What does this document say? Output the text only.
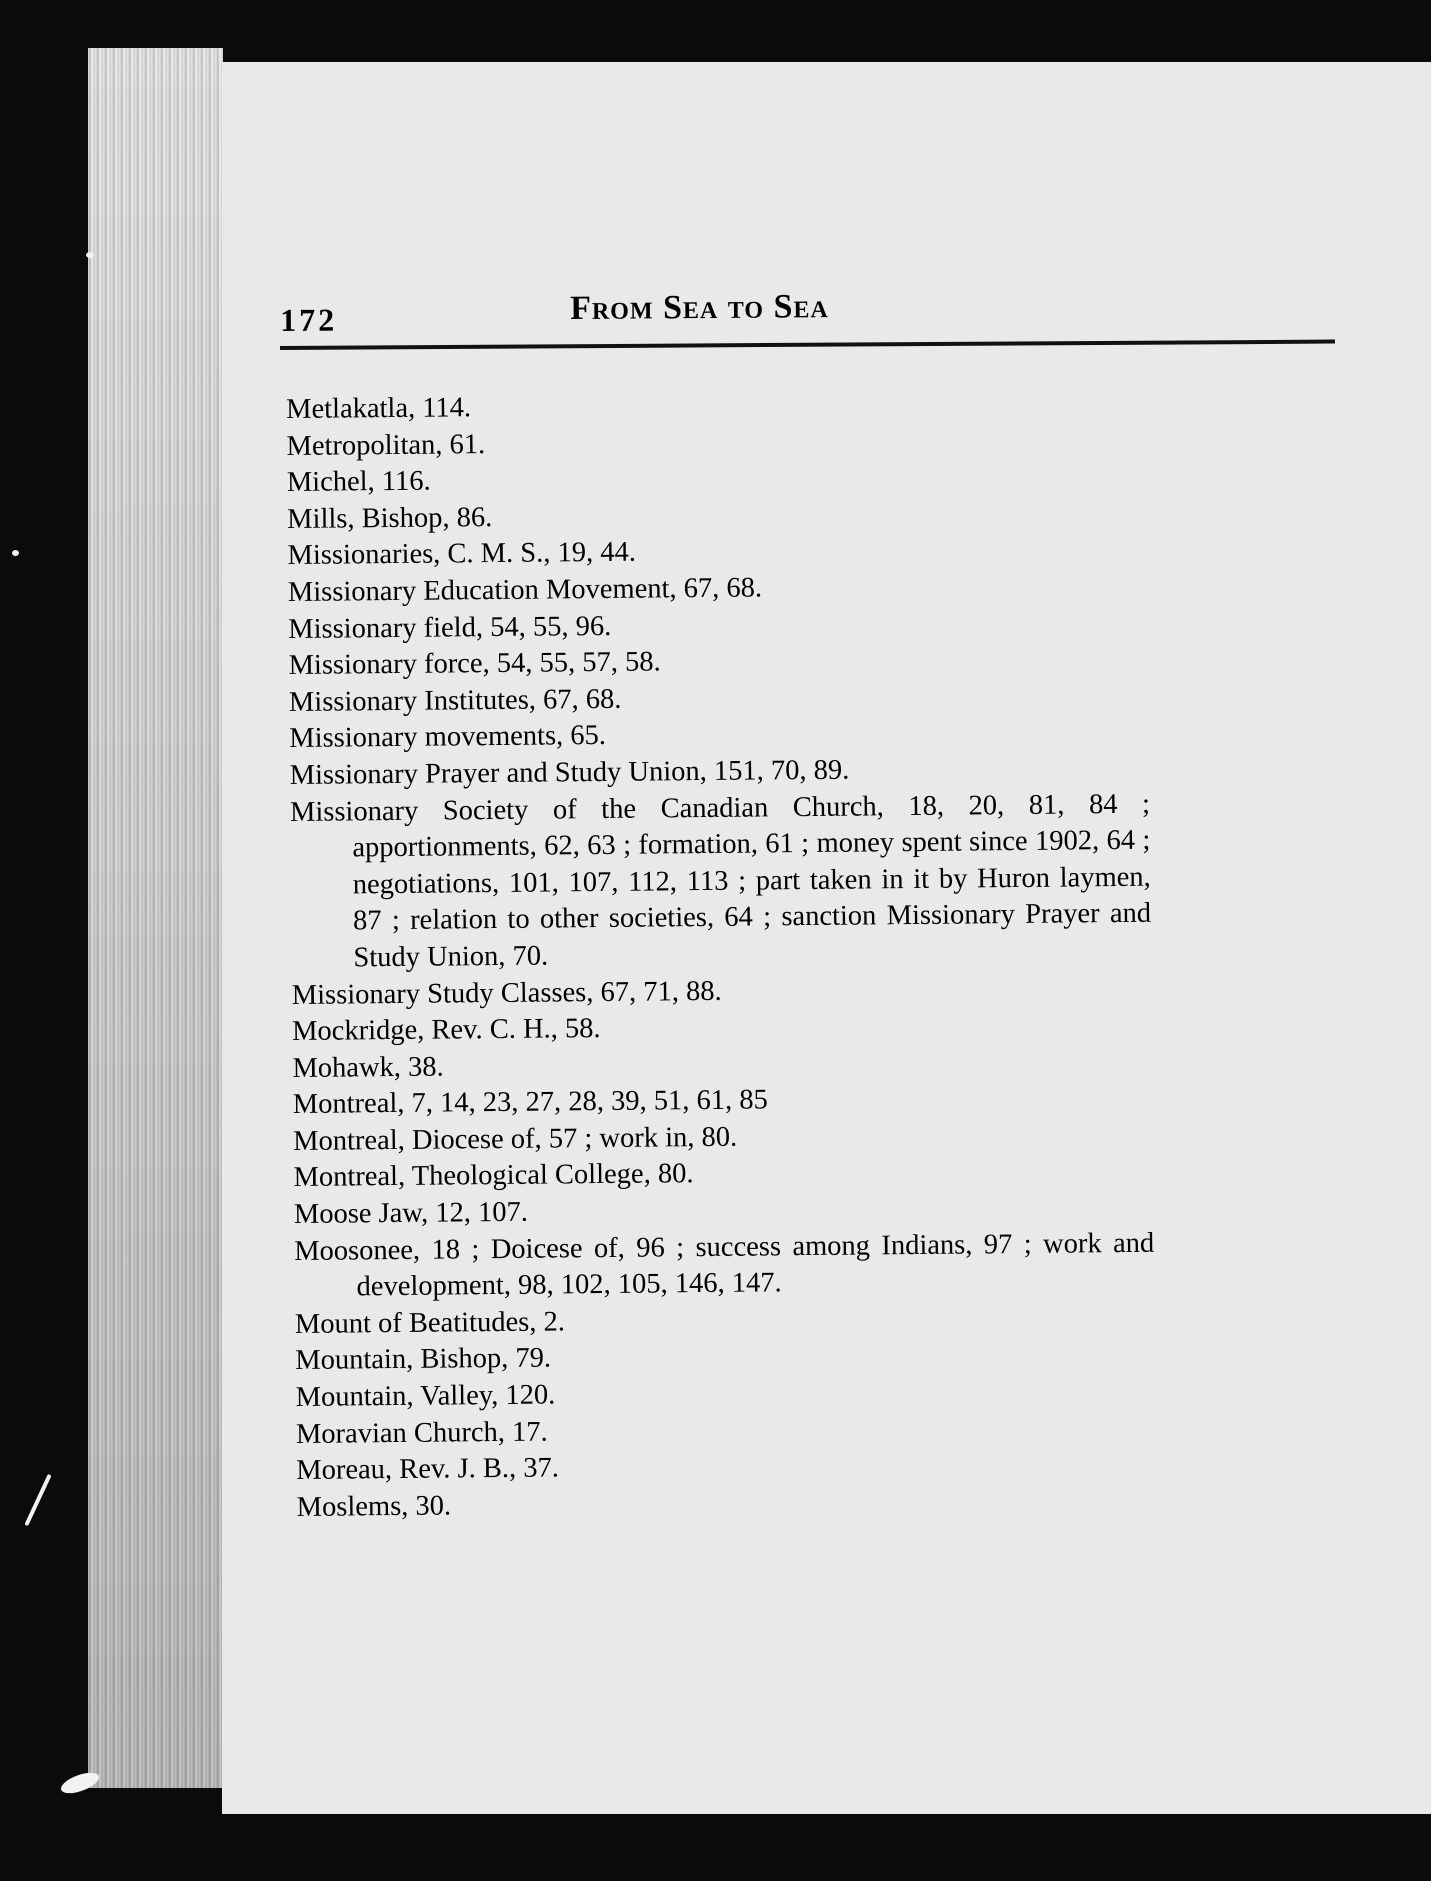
172	From Sea to Sea

Metlakatla, 114.

Metropolitan, 61.

Michel, 116.

Mills, Bishop, 86.

Missionaries, C. M. S., 19, 44.

Missionary Education Movement, 67, 68.

Missionary field, 54, 55, 96.

Missionary force, 54, 55, 57, 58.

Missionary Institutes, 67, 68.

Missionary movements, 65.

Missionary Prayer and Study Union, 151, 70, 89.

Missionary Society of the Canadian Church, 18, 20, 81, 84 ; apportionments, 62, 63 ; formation, 61 ; money spent since 1902, 64 ; negotiations, 101, 107, 112, 113 ; part taken in it by Huron laymen, 87 ; relation to other societies, 64 ; sanction Missionary Prayer and Study Union, 70.

Missionary Study Classes, 67, 71, 88.

Mockridge, Rev. C. H., 58.

Mohawk, 38.

Montreal, 7, 14, 23, 27, 28, 39, 51, 61, 85

Montreal, Diocese of, 57 ; work in, 80.

Montreal, Theological College, 80.

Moose Jaw, 12, 107.

Moosonee, 18 ; Doicese of, 96 ; success among Indians, 97 ; work and development, 98, 102, 105, 146, 147.

Mount of Beatitudes, 2.

Mountain, Bishop, 79.

Mountain, Valley, 120.

Moravian Church, 17.

Moreau, Rev. J. B., 37.

Moslems, 30.
